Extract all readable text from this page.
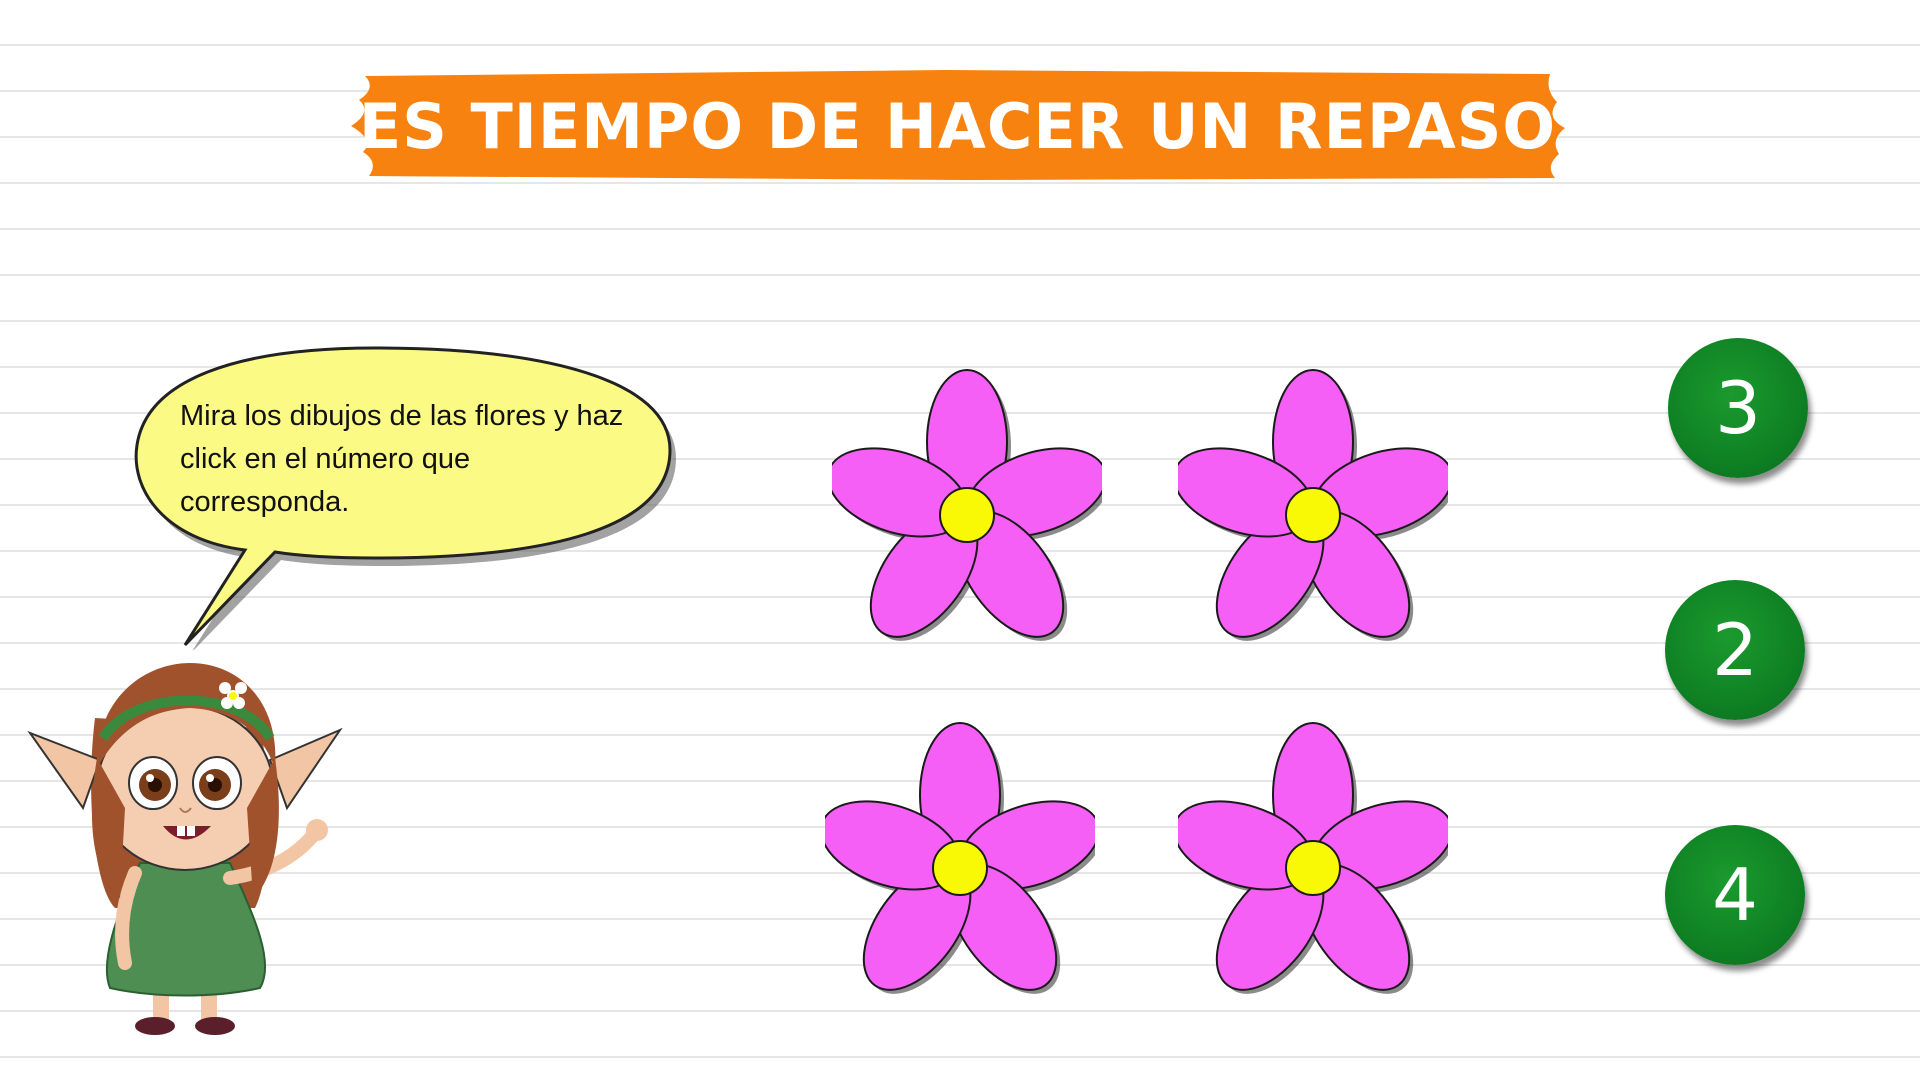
ES TIEMPO DE HACER UN REPASO
Mira los dibujos de las flores y haz click en el número que corresponda.
3
2
4
